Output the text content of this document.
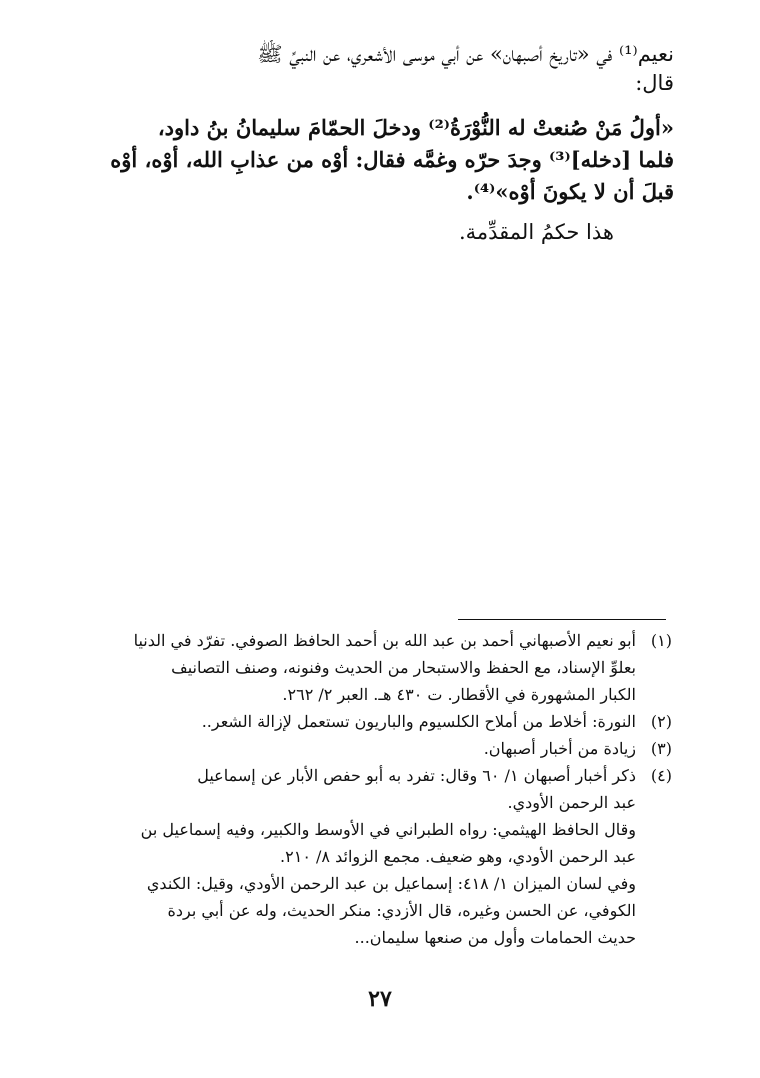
نعيم⁽¹⁾ في «تاريخِ أصبهان» عن أبي موسى الأشعري، عن النبيِّ ﷺ
قال:
«أولُ مَنْ صُنعتْ له النُّوْرَةُ⁽²⁾ ودخلَ الحمّامَ سليمانُ بنُ داود،
فلما [دخله]⁽³⁾ وجدَ حرّه وغمَّه فقال: أوْه من عذابِ الله، أوْه، أوْه
قبلَ أن لا يكونَ أوْه»⁽⁴⁾.
هذا حكمُ المقدِّمة.
(١)
أبو نعيم الأصبهاني أحمد بن عبد الله بن أحمد الحافظ الصوفي. تفرّد في الدنيا
بعلوِّ الإسناد، مع الحفظ والاستبحار من الحديث وفنونه، وصنف التصانيف
الكبار المشهورة في الأقطار. ت ٤٣٠ هـ. العبر ٢/ ٢٦٢.
(٢)
النورة: أخلاط من أملاح الكلسيوم والباريون تستعمل لإزالة الشعر..
(٣)
زيادة من أخبار أصبهان.
(٤)
ذكر أخبار أصبهان ١/ ٦٠ وقال: تفرد به أبو حفص الأبار عن إسماعيل
عبد الرحمن الأودي.
وقال الحافظ الهيثمي: رواه الطبراني في الأوسط والكبير، وفيه إسماعيل بن
عبد الرحمن الأودي، وهو ضعيف. مجمع الزوائد ٨/ ٢١٠.
وفي لسان الميزان ١/ ٤١٨: إسماعيل بن عبد الرحمن الأودي، وقيل: الكندي
الكوفي، عن الحسن وغيره، قال الأزدي: منكر الحديث، وله عن أبي بردة
حديث الحمامات وأول من صنعها سليمان...
٢٧
